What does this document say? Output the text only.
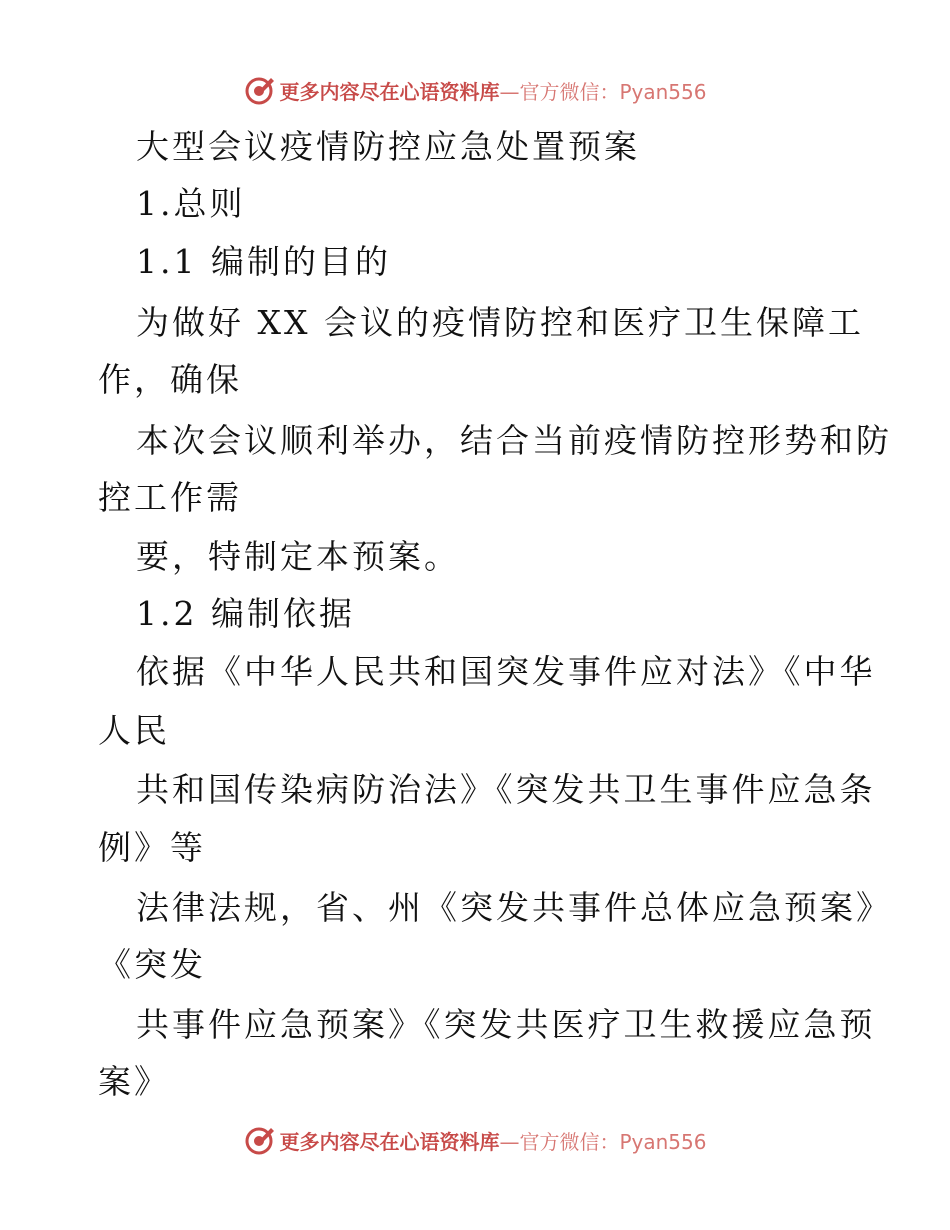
更多内容尽在心语资料库 —官方微信：Pyan556
大型会议疫情防控应急处置预案
1.总则
1.1 编制的目的
为做好 XX 会议的疫情防控和医疗卫生保障工
作，确保
本次会议顺利举办，结合当前疫情防控形势和防
控工作需
要，特制定本预案。
1.2 编制依据
依据《中华人民共和国突发事件应对法》《中华
人民
共和国传染病防治法》《突发共卫生事件应急条
例》等
法律法规，省、州《突发共事件总体应急预案》
《突发
共事件应急预案》《突发共医疗卫生救援应急预
案》
更多内容尽在心语资料库 —官方微信：Pyan556
